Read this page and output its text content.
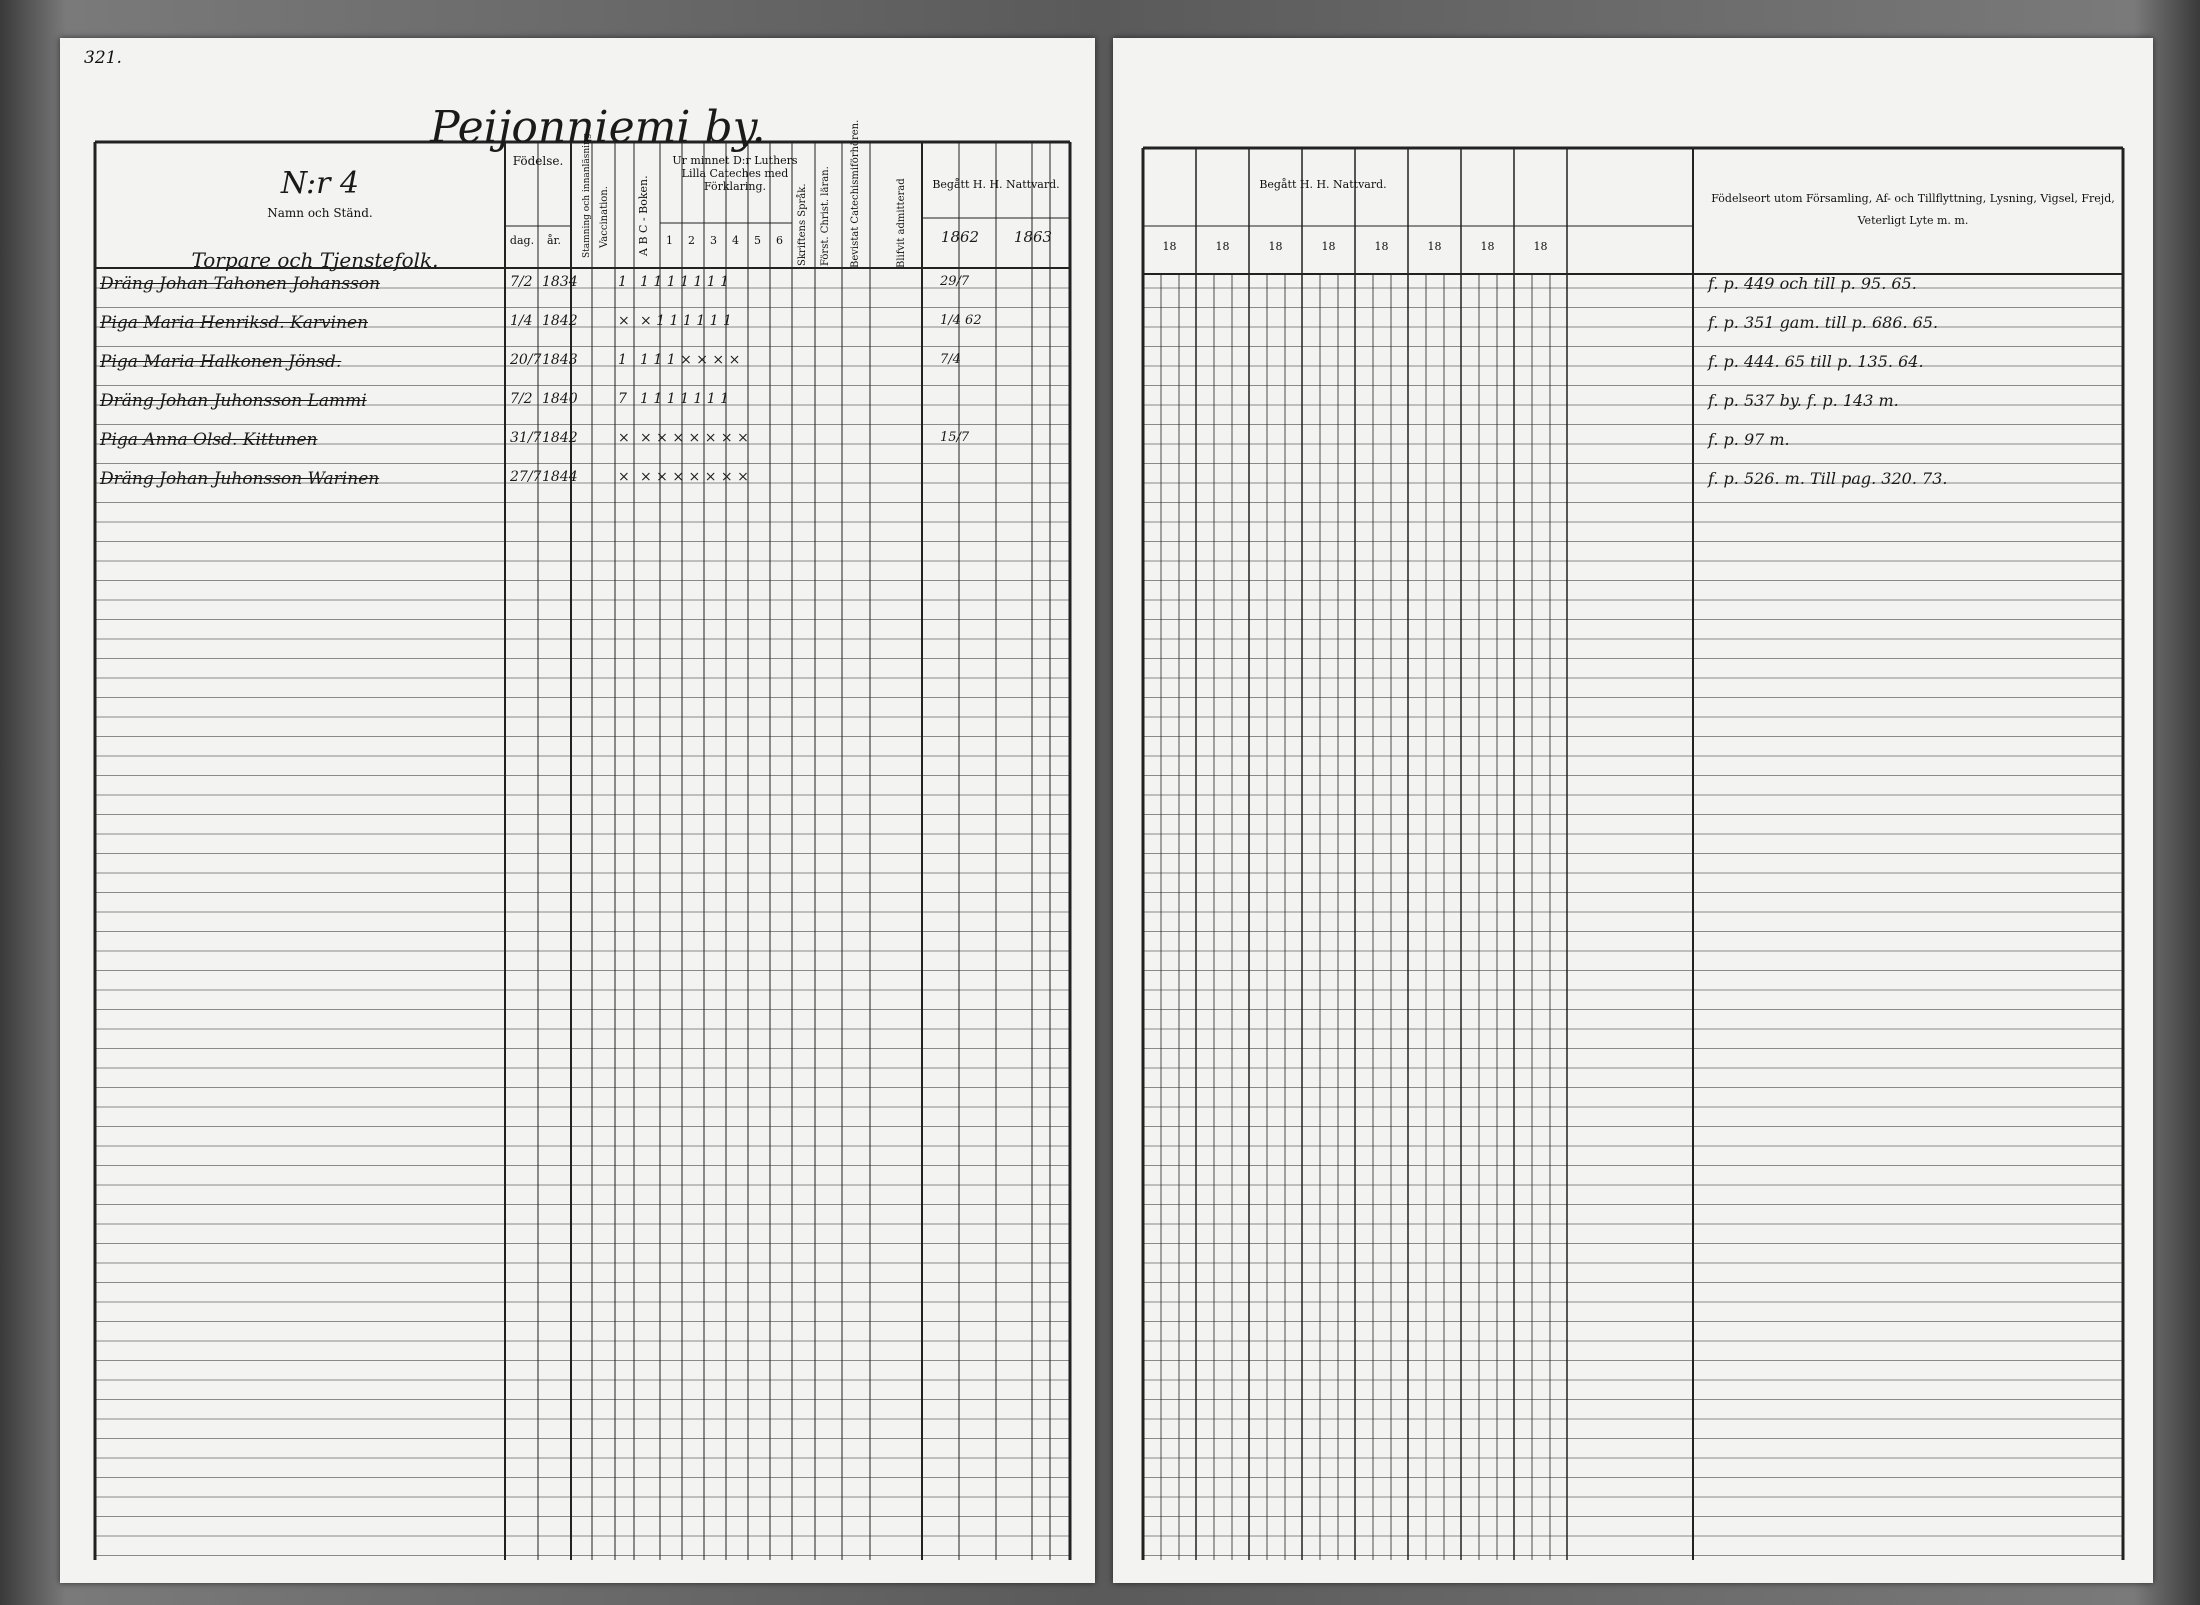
321.
Peijonniemi by.
N:r 4
Namn och Ständ.
Torpare och Tjenstefolk.
Födelse.
dag.	år.	Stamning och innanläsning. Vaccination. A B C - Boken.
Ur minnet D:r Luthers Lilla Cateches med Förklaring.
1 2 3 4 5 6 Skriftens Språk. Först. Christ. läran. Bevistat Catechismiförhören.	Blifvit admitterad	Begått H. H. Nattvard.
1862	1863
Dräng Johan Tahonen Johansson	7/2 1834	1 1 1 1 1 1 1 1	29/7
Piga Maria Henriksd. Karvinen	1/4 1842	× × 1 1 1 1 1 1	1/4 62
Piga Maria Halkonen Jönsd.	20/7 1843	1 1 1 1 × × × ×	7/4
Dräng Johan Juhonsson Lammi	7/2 1840	7 1 1 1 1 1 1 1
Piga Anna Olsd. Kittunen	31/7 1842	× × × × × × × ×	15/7
Dräng Johan Juhonsson Warinen	27/7 1844	× × × × × × × ×
Begått H. H. Nattvard.
18	18	18	18	18	18	18	18
Födelseort utom Församling, Af- och Tillflyttning, Lysning, Vigsel, Frejd, Veterligt Lyte m. m.
f. p. 449 och till p. 95. 65.
f. p. 351 gam. till p. 686. 65.
f. p. 444. 65 till p. 135. 64.
f. p. 537 by. f. p. 143 m.
f. p. 97 m.
f. p. 526. m. Till pag. 320. 73.
